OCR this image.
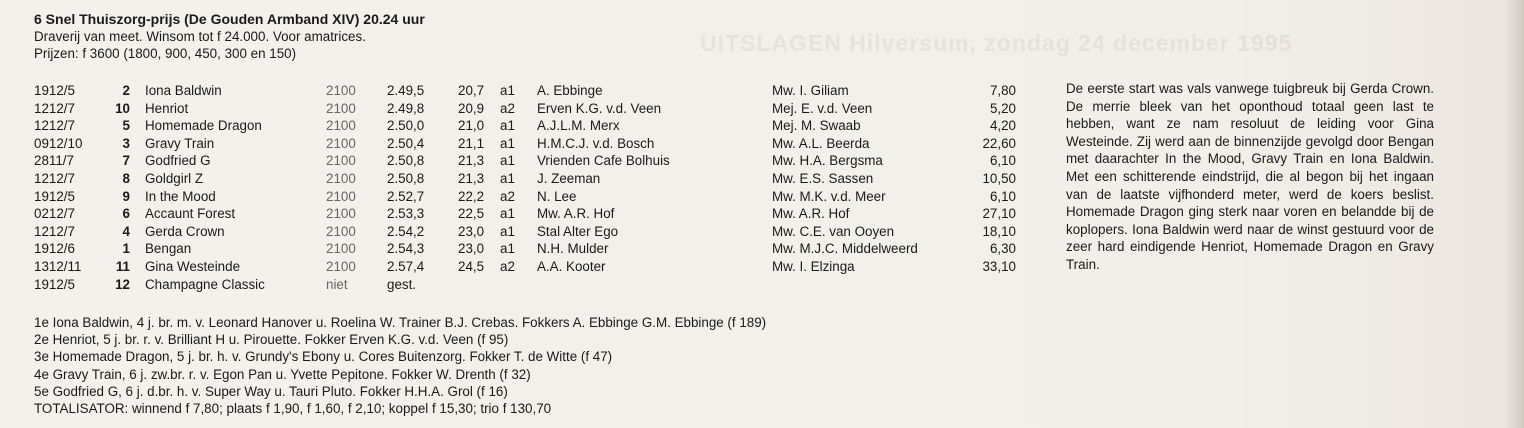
UITSLAGEN Hilversum, zondag 24 december 1995
6 Snel Thuiszorg-prijs (De Gouden Armband XIV) 20.24 uur
Draverij van meet. Winsom tot f 24.000. Voor amatrices.
Prijzen: f 3600 (1800, 900, 450, 300 en 150)
1912/5	2 Iona Baldwin	2100 2.49,5	20,7 a1 A. Ebbinge	Mw. I. Giliam	7,80
1212/7	10 Henriot	2100 2.49,8	20,9 a2 Erven K.G. v.d. Veen	Mej. E. v.d. Veen	5,20
1212/7	5 Homemade Dragon	2100 2.50,0	21,0 a1 A.J.L.M. Merx	Mej. M. Swaab	4,20
0912/10	3 Gravy Train	2100 2.50,4	21,1 a1 H.M.C.J. v.d. Bosch	Mw. A.L. Beerda	22,60
2811/7	7 Godfried G	2100 2.50,8	21,3 a1 Vrienden Cafe Bolhuis	Mw. H.A. Bergsma	6,10
1212/7	8 Goldgirl Z	2100 2.50,8	21,3 a1 J. Zeeman	Mw. E.S. Sassen	10,50
1912/5	9 In the Mood	2100 2.52,7	22,2 a2 N. Lee	Mw. M.K. v.d. Meer	6,10
0212/7	6 Accaunt Forest	2100 2.53,3	22,5 a1 Mw. A.R. Hof	Mw. A.R. Hof	27,10
1212/7	4 Gerda Crown	2100 2.54,2	23,0 a1 Stal Alter Ego	Mw. C.E. van Ooyen	18,10
1912/6	1 Bengan	2100 2.54,3	23,0 a1 N.H. Mulder	Mw. M.J.C. Middelweerd	6,30
1312/11	11 Gina Westeinde	2100 2.57,4	24,5 a2 A.A. Kooter	Mw. I. Elzinga	33,10
1912/5	12 Champagne Classic	niet	gest.
De eerste start was vals vanwege tuigbreuk bij Gerda Crown. De merrie bleek van het oponthoud totaal geen last te hebben, want ze nam resoluut de leiding voor Gina Westeinde. Zij werd aan de binnenzijde gevolgd door Bengan met daarachter In the Mood, Gravy Train en Iona Baldwin. Met een schitterende eindstrijd, die al begon bij het ingaan van de laatste vijfhonderd meter, werd de koers beslist. Homemade Dragon ging sterk naar voren en belandde bij de koplopers. Iona Baldwin werd naar de winst gestuurd voor de zeer hard eindigende Henriot, Homemade Dragon en Gravy Train.
1e Iona Baldwin, 4 j. br. m. v. Leonard Hanover u. Roelina W. Trainer B.J. Crebas. Fokkers A. Ebbinge G.M. Ebbinge (f 189)
2e Henriot, 5 j. br. r. v. Brilliant H u. Pirouette. Fokker Erven K.G. v.d. Veen (f 95)
3e Homemade Dragon, 5 j. br. h. v. Grundy's Ebony u. Cores Buitenzorg. Fokker T. de Witte (f 47)
4e Gravy Train, 6 j. zw.br. r. v. Egon Pan u. Yvette Pepitone. Fokker W. Drenth (f 32)
5e Godfried G, 6 j. d.br. h. v. Super Way u. Tauri Pluto. Fokker H.H.A. Grol (f 16)
TOTALISATOR: winnend f 7,80; plaats f 1,90, f 1,60, f 2,10; koppel f 15,30; trio f 130,70
